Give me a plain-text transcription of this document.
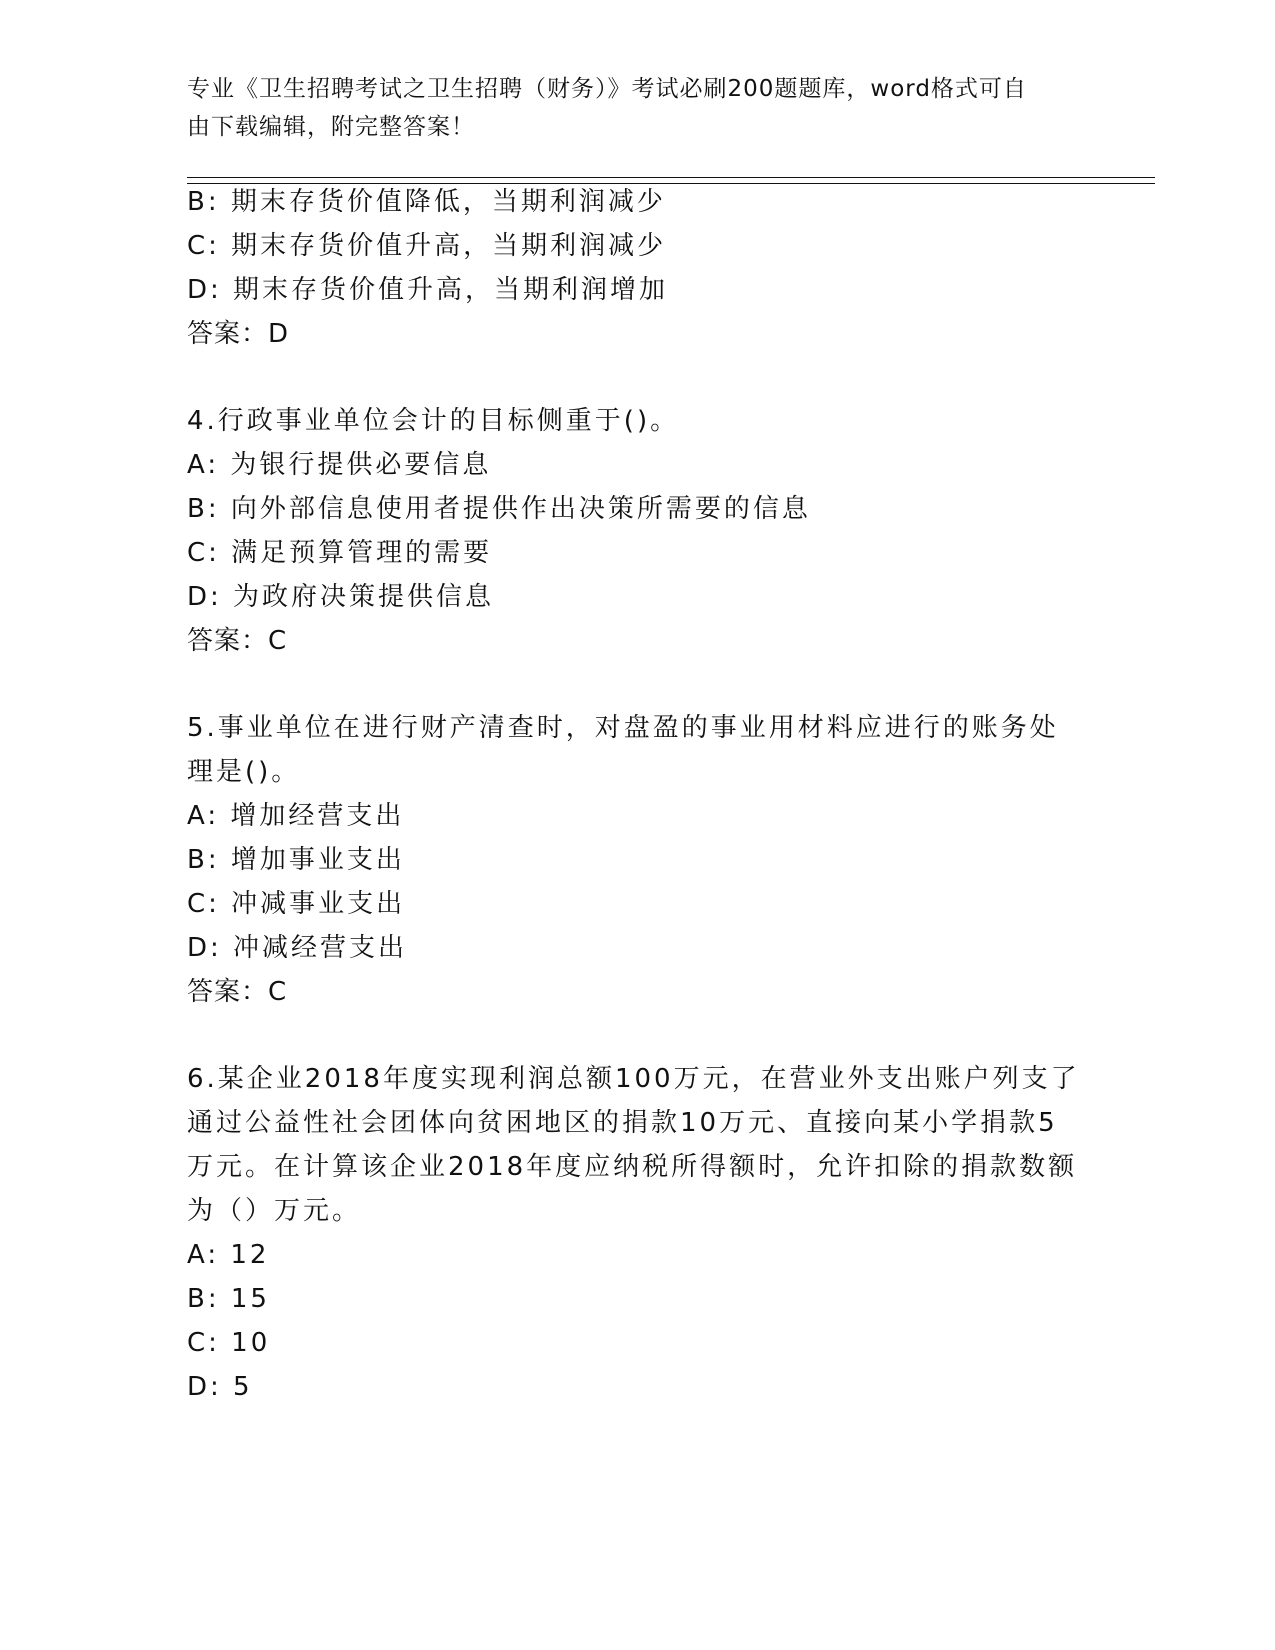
专业《卫生招聘考试之卫生招聘（财务）》考试必刷200题题库，word格式可自
由下载编辑，附完整答案！
B: 期末存货价值降低，当期利润减少
C: 期末存货价值升高，当期利润减少
D: 期末存货价值升高，当期利润增加
答案：D
4.行政事业单位会计的目标侧重于()。
A: 为银行提供必要信息
B: 向外部信息使用者提供作出决策所需要的信息
C: 满足预算管理的需要
D: 为政府决策提供信息
答案：C
5.事业单位在进行财产清查时，对盘盈的事业用材料应进行的账务处
理是()。
A: 增加经营支出
B: 增加事业支出
C: 冲减事业支出
D: 冲减经营支出
答案：C
6.某企业2018年度实现利润总额100万元，在营业外支出账户列支了
通过公益性社会团体向贫困地区的捐款10万元、直接向某小学捐款5
万元。在计算该企业2018年度应纳税所得额时，允许扣除的捐款数额
为（）万元。
A: 12
B: 15
C: 10
D: 5
